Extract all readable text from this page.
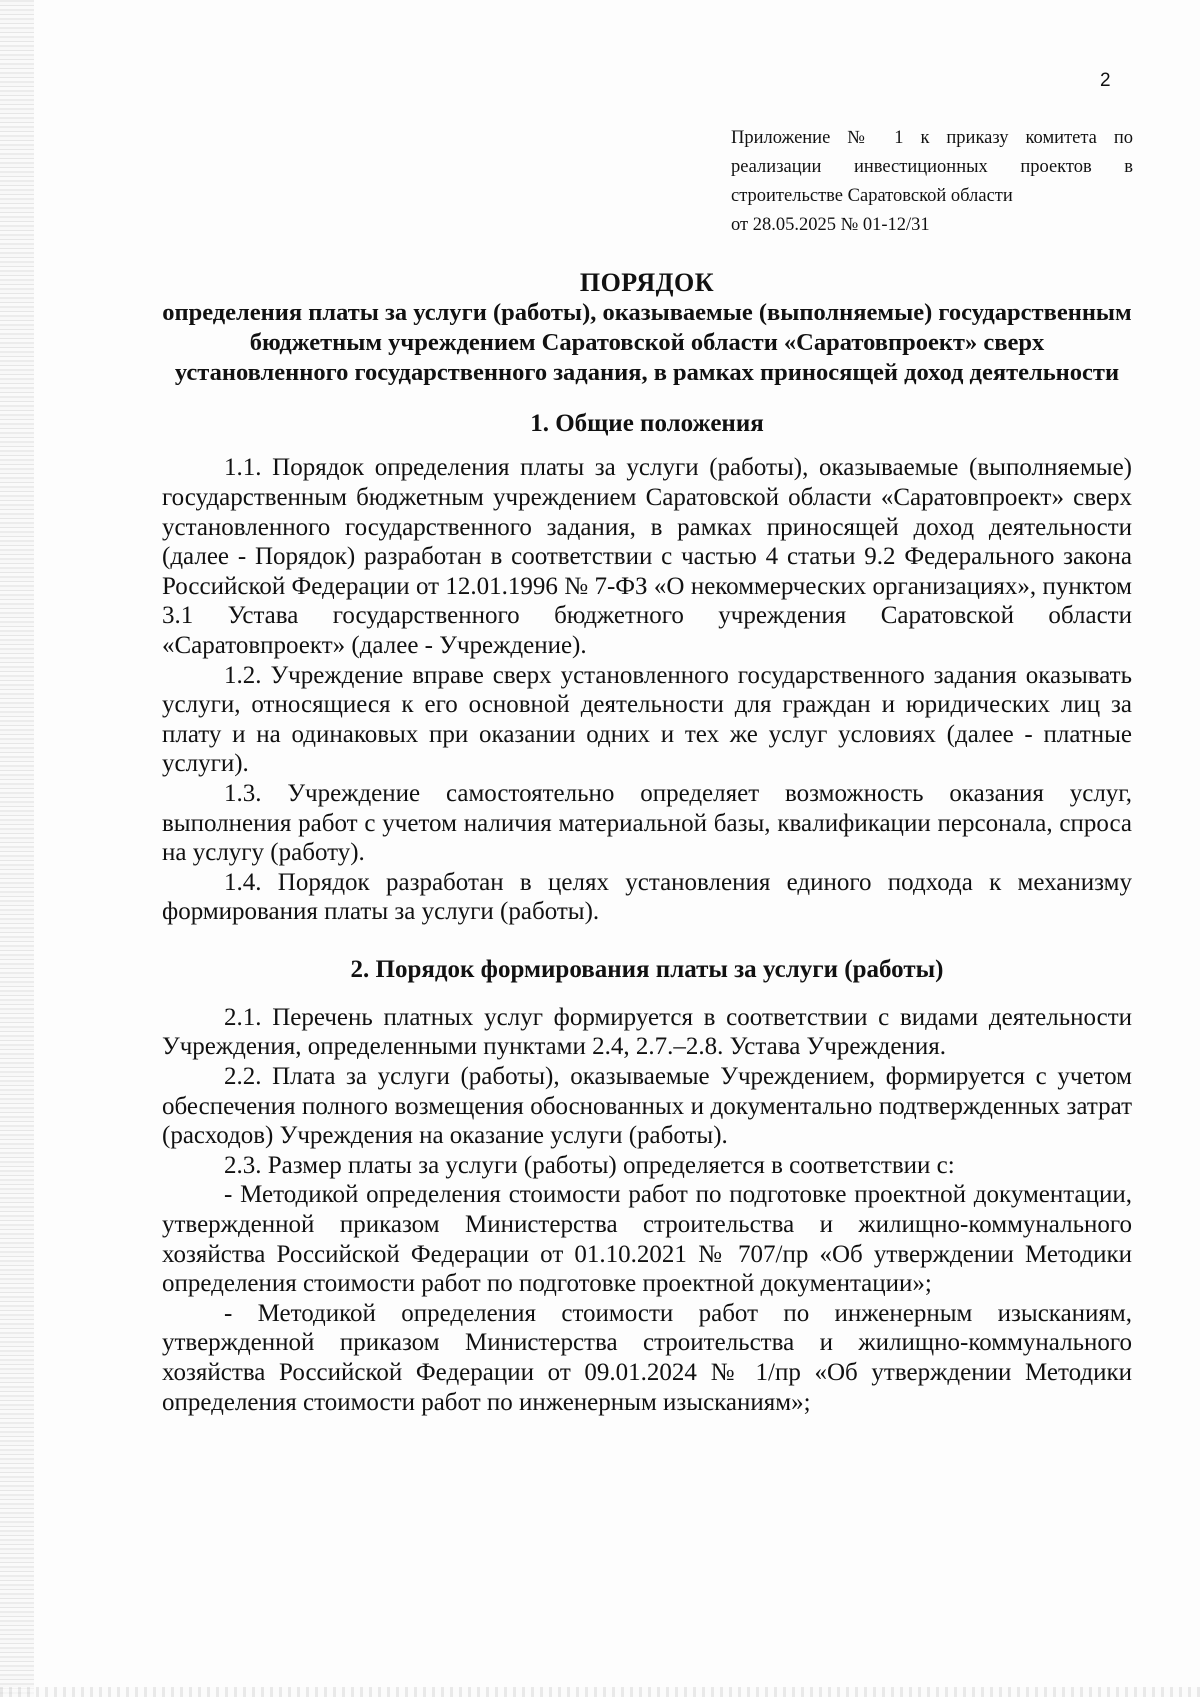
2
Приложение № 1 к приказу комитета по
реализации инвестиционных проектов в
строительстве Саратовской области
от 28.05.2025 № 01-12/31
ПОРЯДОК

определения платы за услуги (работы), оказываемые (выполняемые) государственным бюджетным учреждением Саратовской области «Саратовпроект» сверх установленного государственного задания, в рамках приносящей доход деятельности

1. Общие положения

1.1. Порядок определения платы за услуги (работы), оказываемые (выполняемые) государственным бюджетным учреждением Саратовской области «Саратовпроект» сверх установленного государственного задания, в рамках приносящей доход деятельности (далее - Порядок) разработан в соответствии с частью 4 статьи 9.2 Федерального закона Российской Федерации от 12.01.1996 № 7-ФЗ «О некоммерческих организациях», пунктом 3.1 Устава государственного бюджетного учреждения Саратовской области «Саратовпроект» (далее - Учреждение).

1.2. Учреждение вправе сверх установленного государственного задания оказывать услуги, относящиеся к его основной деятельности для граждан и юридических лиц за плату и на одинаковых при оказании одних и тех же услуг условиях (далее - платные услуги).

1.3. Учреждение самостоятельно определяет возможность оказания услуг, выполнения работ с учетом наличия материальной базы, квалификации персонала, спроса на услугу (работу).

1.4. Порядок разработан в целях установления единого подхода к механизму формирования платы за услуги (работы).

2. Порядок формирования платы за услуги (работы)

2.1. Перечень платных услуг формируется в соответствии с видами деятельности Учреждения, определенными пунктами 2.4, 2.7.–2.8. Устава Учреждения.

2.2. Плата за услуги (работы), оказываемые Учреждением, формируется с учетом обеспечения полного возмещения обоснованных и документально подтвержденных затрат (расходов) Учреждения на оказание услуги (работы).

2.3. Размер платы за услуги (работы) определяется в соответствии с:

- Методикой определения стоимости работ по подготовке проектной документации, утвержденной приказом Министерства строительства и жилищно-коммунального хозяйства Российской Федерации от 01.10.2021 № 707/пр «Об утверждении Методики определения стоимости работ по подготовке проектной документации»;

- Методикой определения стоимости работ по инженерным изысканиям, утвержденной приказом Министерства строительства и жилищно-коммунального хозяйства Российской Федерации от 09.01.2024 № 1/пр «Об утверждении Методики определения стоимости работ по инженерным изысканиям»;
